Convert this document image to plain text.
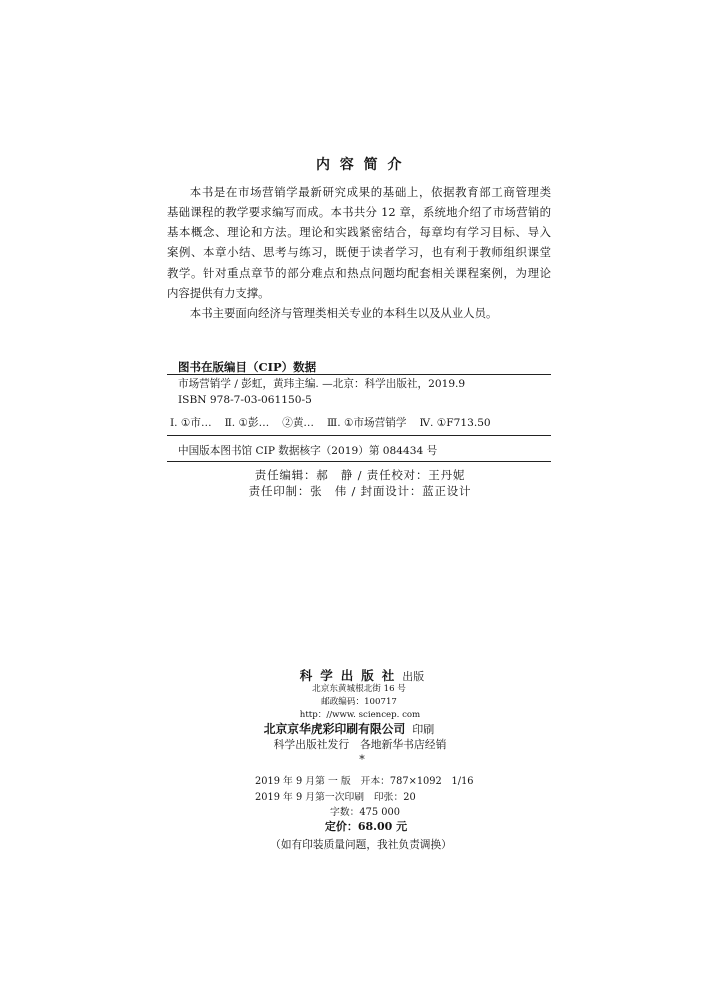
内 容 简 介
本书是在市场营销学最新研究成果的基础上，依据教育部工商管理类
基础课程的教学要求编写而成。本书共分 12 章，系统地介绍了市场营销的
基本概念、理论和方法。理论和实践紧密结合，每章均有学习目标、导入
案例、本章小结、思考与练习，既便于读者学习，也有利于教师组织课堂
教学。针对重点章节的部分难点和热点问题均配套相关课程案例，为理论
内容提供有力支撑。
本书主要面向经济与管理类相关专业的本科生以及从业人员。
图书在版编目（CIP）数据
市场营销学 / 彭虹，黄玮主编. —北京：科学出版社，2019.9
ISBN 978-7-03-061150-5
Ⅰ. ①市… Ⅱ. ①彭… ②黄… Ⅲ. ①市场营销学 Ⅳ. ①F713.50
中国版本图书馆 CIP 数据核字（2019）第 084434 号
责任编辑：郝　静 / 责任校对：王丹妮
责任印制：张　伟 / 封面设计：蓝正设计
科学出版社 出版
北京东黄城根北街 16 号
邮政编码：100717
http：//www. sciencep. com
北京京华虎彩印刷有限公司 印刷
科学出版社发行　各地新华书店经销
*
2019 年 9 月第 一 版　开本：787×1092　1/16
2019 年 9 月第一次印刷　印张：20
字数：475 000
定价：68.00 元
（如有印装质量问题，我社负责调换）
